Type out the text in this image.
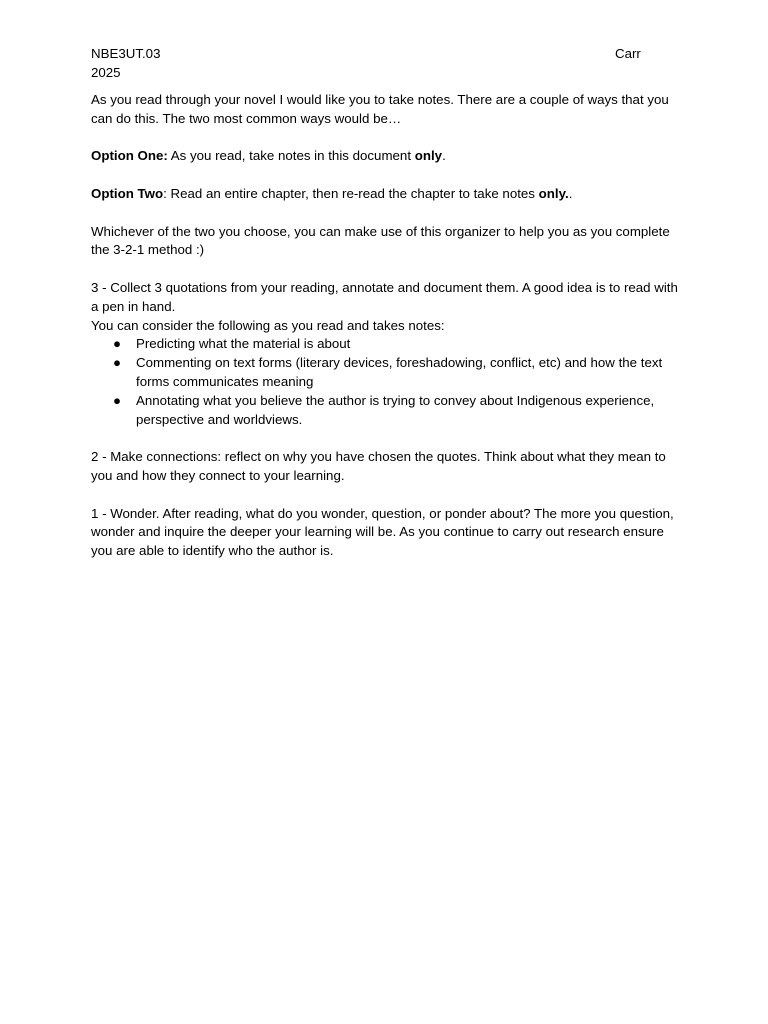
NBE3UT.03	Carr
2025

As you read through your novel I would like you to take notes. There are a couple of ways that you can do this. The two most common ways would be…

Option One: As you read, take notes in this document only.

Option Two: Read an entire chapter, then re-read the chapter to take notes only..

Whichever of the two you choose, you can make use of this organizer to help you as you complete the 3-2-1 method :)

3 - Collect 3 quotations from your reading, annotate and document them. A good idea is to read with a pen in hand.

You can consider the following as you read and takes notes:

● Predicting what the material is about
● Commenting on text forms (literary devices, foreshadowing, conflict, etc) and how the text forms communicates meaning
● Annotating what you believe the author is trying to convey about Indigenous experience, perspective and worldviews.

2 - Make connections: reflect on why you have chosen the quotes. Think about what they mean to you and how they connect to your learning.

1 - Wonder. After reading, what do you wonder, question, or ponder about? The more you question, wonder and inquire the deeper your learning will be. As you continue to carry out research ensure you are able to identify who the author is.
